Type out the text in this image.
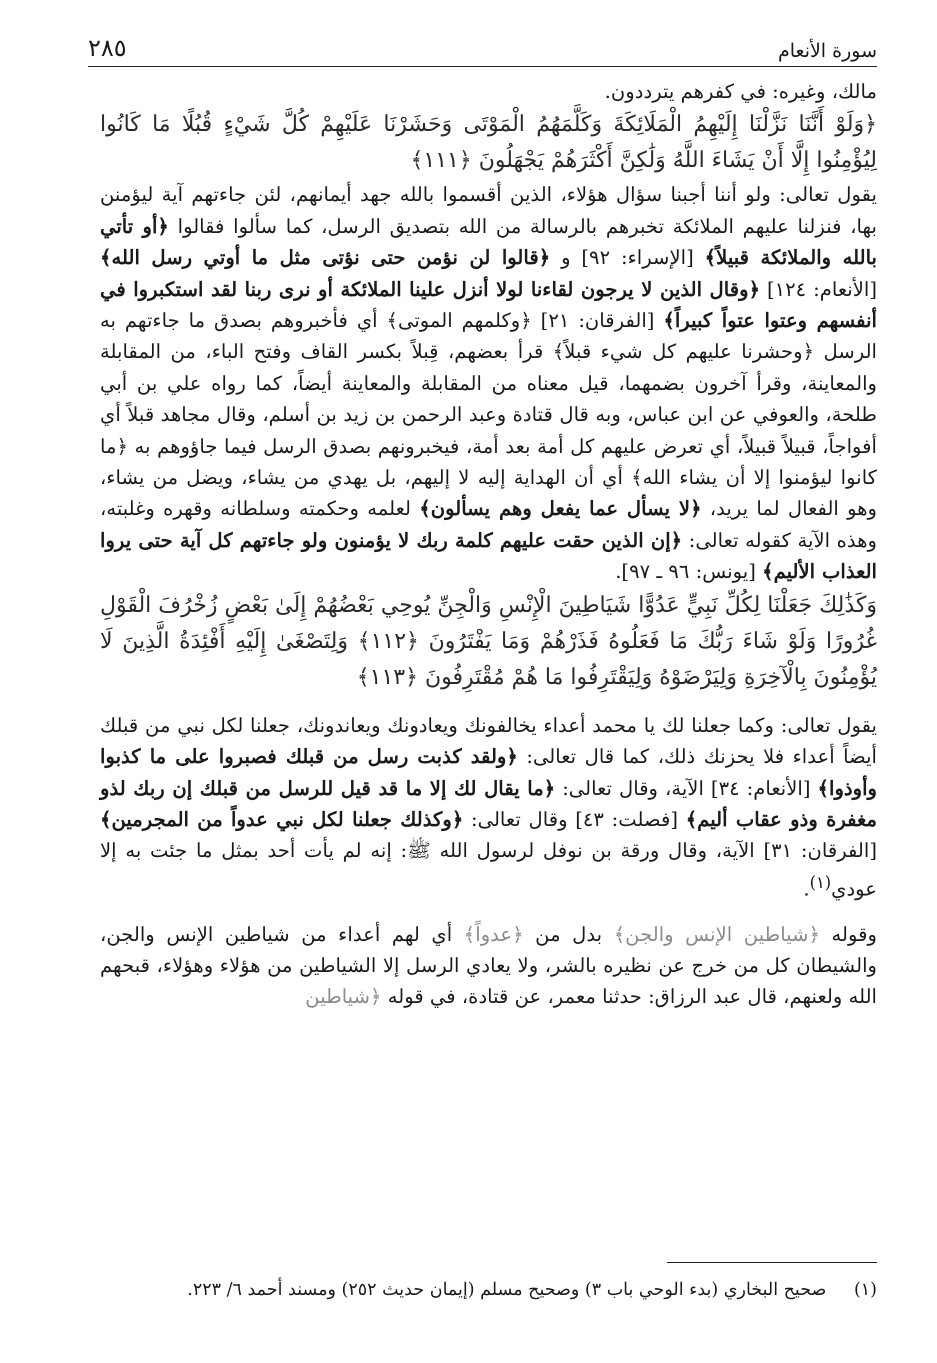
سورة الأنعام
٢٨٥

مالك، وغيره: في كفرهم يترددون.

﴿وَلَوْ أَنَّنَا نَزَّلْنَا إِلَيْهِمُ الْمَلَائِكَةَ وَكَلَّمَهُمُ الْمَوْتَى وَحَشَرْنَا عَلَيْهِمْ كُلَّ شَيْءٍ قُبُلًا مَا كَانُوا لِيُؤْمِنُوا إِلَّا أَنْ يَشَاءَ اللَّهُ وَلَٰكِنَّ أَكْثَرَهُمْ يَجْهَلُونَ ﴿١١١﴾

يقول تعالى: ولو أننا أجبنا سؤال هؤلاء، الذين أقسموا بالله جهد أيمانهم، لئن جاءتهم آية ليؤمنن بها، فنزلنا عليهم الملائكة تخبرهم بالرسالة من الله بتصديق الرسل، كما سألوا فقالوا ﴿أو تأتي بالله والملائكة قبيلاً﴾ [الإسراء: ٩٢] و ﴿قالوا لن نؤمن حتى نؤتى مثل ما أوتي رسل الله﴾ [الأنعام: ١٢٤] ﴿وقال الذين لا يرجون لقاءنا لولا أنزل علينا الملائكة أو نرى ربنا لقد استكبروا في أنفسهم وعتوا عتواً كبيراً﴾ [الفرقان: ٢١] ﴿وكلمهم الموتى﴾ أي فأخبروهم بصدق ما جاءتهم به الرسل ﴿وحشرنا عليهم كل شيء قبلاً﴾ قرأ بعضهم، قِبلاً بكسر القاف وفتح الباء، من المقابلة والمعاينة، وقرأ آخرون بضمهما، قيل معناه من المقابلة والمعاينة أيضاً، كما رواه علي بن أبي طلحة، والعوفي عن ابن عباس، وبه قال قتادة وعبد الرحمن بن زيد بن أسلم، وقال مجاهد قبلاً أي أفواجاً، قبيلاً قبيلاً، أي تعرض عليهم كل أمة بعد أمة، فيخبرونهم بصدق الرسل فيما جاؤوهم به ﴿ما كانوا ليؤمنوا إلا أن يشاء الله﴾ أي أن الهداية إليه لا إليهم، بل يهدي من يشاء، ويضل من يشاء، وهو الفعال لما يريد، ﴿لا يسأل عما يفعل وهم يسألون﴾ لعلمه وحكمته وسلطانه وقهره وغلبته، وهذه الآية كقوله تعالى: ﴿إن الذين حقت عليهم كلمة ربك لا يؤمنون ولو جاءتهم كل آية حتى يروا العذاب الأليم﴾ [يونس: ٩٦ ـ ٩٧].

وَكَذَٰلِكَ جَعَلْنَا لِكُلِّ نَبِيٍّ عَدُوًّا شَيَاطِينَ الْإِنْسِ وَالْجِنِّ يُوحِي بَعْضُهُمْ إِلَىٰ بَعْضٍ زُخْرُفَ الْقَوْلِ غُرُورًا وَلَوْ شَاءَ رَبُّكَ مَا فَعَلُوهُ فَذَرْهُمْ وَمَا يَفْتَرُونَ ﴿١١٢﴾ وَلِتَصْغَىٰ إِلَيْهِ أَفْئِدَةُ الَّذِينَ لَا يُؤْمِنُونَ بِالْآخِرَةِ وَلِيَرْضَوْهُ وَلِيَقْتَرِفُوا مَا هُمْ مُقْتَرِفُونَ ﴿١١٣﴾

يقول تعالى: وكما جعلنا لك يا محمد أعداء يخالفونك ويعادونك ويعاندونك، جعلنا لكل نبي من قبلك أيضاً أعداء فلا يحزنك ذلك، كما قال تعالى: ﴿ولقد كذبت رسل من قبلك فصبروا على ما كذبوا وأوذوا﴾ [الأنعام: ٣٤] الآية، وقال تعالى: ﴿ما يقال لك إلا ما قد قيل للرسل من قبلك إن ربك لذو مغفرة وذو عقاب أليم﴾ [فصلت: ٤٣] وقال تعالى: ﴿وكذلك جعلنا لكل نبي عدواً من المجرمين﴾ [الفرقان: ٣١] الآية، وقال ورقة بن نوفل لرسول الله ﷺ: إنه لم يأت أحد بمثل ما جئت به إلا عودي$^{(١)}$.

وقوله ﴿شياطين الإنس والجن﴾ بدل من ﴿عدواً﴾ أي لهم أعداء من شياطين الإنس والجن، والشيطان كل من خرج عن نظيره بالشر، ولا يعادي الرسل إلا الشياطين من هؤلاء وهؤلاء، قبحهم الله ولعنهم، قال عبد الرزاق: حدثنا معمر، عن قتادة، في قوله ﴿شياطين

(١) صحيح البخاري (بدء الوحي باب ٣) وصحيح مسلم (إيمان حديث ٢٥٢) ومسند أحمد ٦/ ٢٢٣.
